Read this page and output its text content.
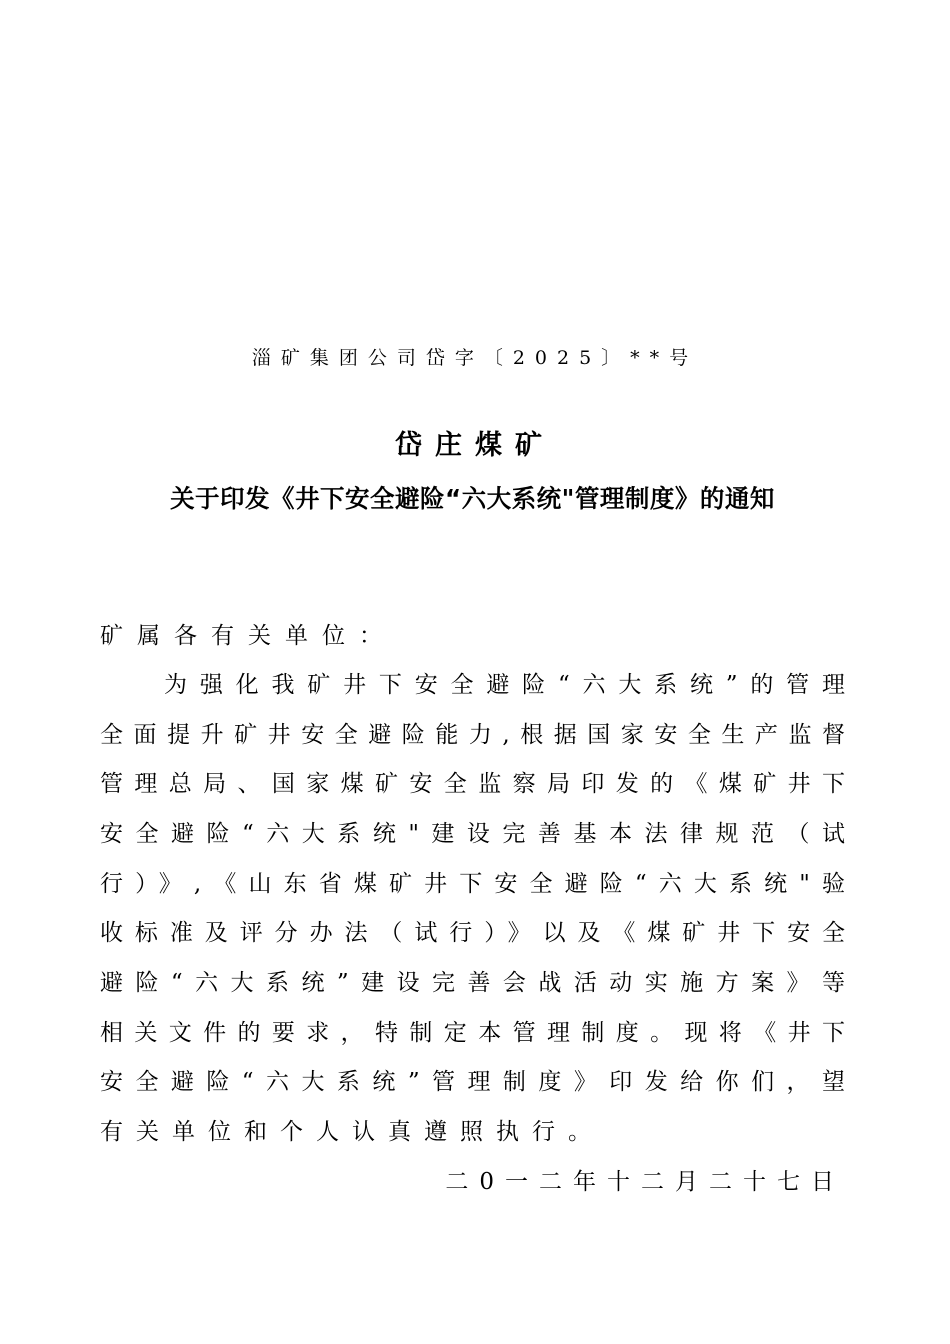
淄矿集团公司岱字〔2025〕**号
岱庄煤矿
关于印发《井下安全避险“六大系统"管理制度》的通知
矿属各有关单位：
为强化我矿井下安全避险“六大系统”的管理
全面提升矿井安全避险能力,根据国家安全生产监督
管理总局、国家煤矿安全监察局印发的《煤矿井下
安全避险“六大系统"建设完善基本法律规范（试
行）》,《山东省煤矿井下安全避险“六大系统"验
收标准及评分办法（试行）》以及《煤矿井下安全
避险“六大系统”建设完善会战活动实施方案》等
相关文件的要求，特制定本管理制度。现将《井下
安全避险“六大系统”管理制度》印发给你们，望
有关单位和个人认真遵照执行。
二0一二年十二月二十七日
